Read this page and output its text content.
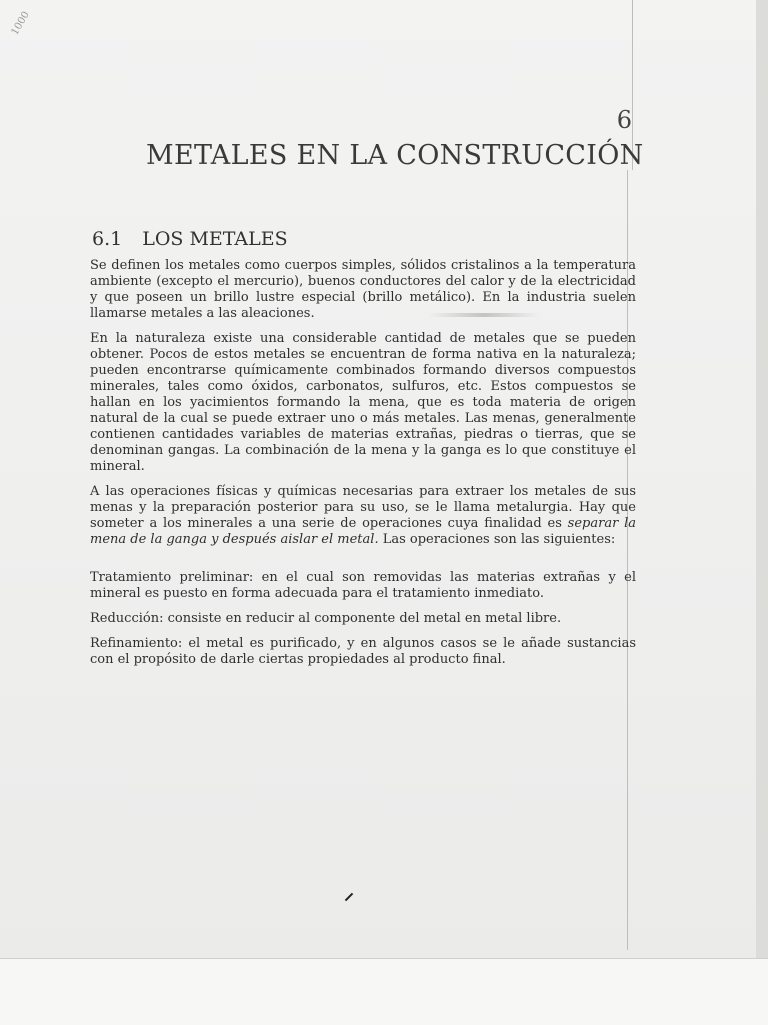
1000
6
METALES EN LA CONSTRUCCIÓN
6.1 LOS METALES

Se definen los metales como cuerpos simples, sólidos cristalinos a la temperatura ambiente (excepto el mercurio), buenos conductores del calor y de la electricidad y que poseen un brillo lustre especial (brillo metálico). En la industria suelen llamarse metales a las aleaciones.

En la naturaleza existe una considerable cantidad de metales que se pueden obtener. Pocos de estos metales se encuentran de forma nativa en la naturaleza; pueden encontrarse químicamente combinados formando diversos compuestos minerales, tales como óxidos, carbonatos, sulfuros, etc. Estos compuestos se hallan en los yacimientos formando la mena, que es toda materia de origen natural de la cual se puede extraer uno o más metales. Las menas, generalmente contienen cantidades variables de materias extrañas, piedras o tierras, que se denominan gangas. La combinación de la mena y la ganga es lo que constituye el mineral.

A las operaciones físicas y químicas necesarias para extraer los metales de sus menas y la preparación posterior para su uso, se le llama metalurgia. Hay que someter a los minerales a una serie de operaciones cuya finalidad es separar la mena de la ganga y después aislar el metal. Las operaciones son las siguientes:

Tratamiento preliminar: en el cual son removidas las materias extrañas y el mineral es puesto en forma adecuada para el tratamiento inmediato.

Reducción: consiste en reducir al componente del metal en metal libre.

Refinamiento: el metal es purificado, y en algunos casos se le añade sustancias con el propósito de darle ciertas propiedades al producto final.
